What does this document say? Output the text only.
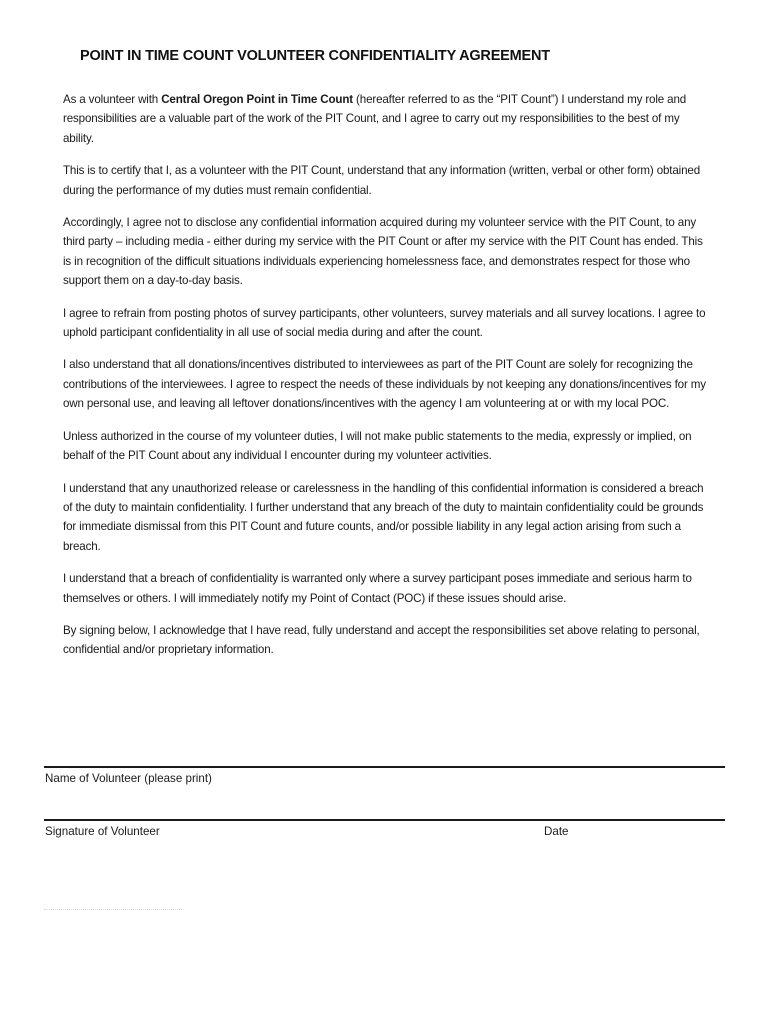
POINT IN TIME COUNT VOLUNTEER CONFIDENTIALITY AGREEMENT

As a volunteer with Central Oregon Point in Time Count (hereafter referred to as the “PIT Count”) I understand my role and responsibilities are a valuable part of the work of the PIT Count, and I agree to carry out my responsibilities to the best of my ability.

This is to certify that I, as a volunteer with the PIT Count, understand that any information (written, verbal or other form) obtained during the performance of my duties must remain confidential.

Accordingly, I agree not to disclose any confidential information acquired during my volunteer service with the PIT Count, to any third party – including media - either during my service with the PIT Count or after my service with the PIT Count has ended. This is in recognition of the difficult situations individuals experiencing homelessness face, and demonstrates respect for those who support them on a day-to-day basis.

I agree to refrain from posting photos of survey participants, other volunteers, survey materials and all survey locations. I agree to uphold participant confidentiality in all use of social media during and after the count.

I also understand that all donations/incentives distributed to interviewees as part of the PIT Count are solely for recognizing the contributions of the interviewees. I agree to respect the needs of these individuals by not keeping any donations/incentives for my own personal use, and leaving all leftover donations/incentives with the agency I am volunteering at or with my local POC.

Unless authorized in the course of my volunteer duties, I will not make public statements to the media, expressly or implied, on behalf of the PIT Count about any individual I encounter during my volunteer activities.

I understand that any unauthorized release or carelessness in the handling of this confidential information is considered a breach of the duty to maintain confidentiality. I further understand that any breach of the duty to maintain confidentiality could be grounds for immediate dismissal from this PIT Count and future counts, and/or possible liability in any legal action arising from such a breach.

I understand that a breach of confidentiality is warranted only where a survey participant poses immediate and serious harm to themselves or others. I will immediately notify my Point of Contact (POC) if these issues should arise.

By signing below, I acknowledge that I have read, fully understand and accept the responsibilities set above relating to personal, confidential and/or proprietary information.

Name of Volunteer (please print)
Signature of Volunteer	Date
